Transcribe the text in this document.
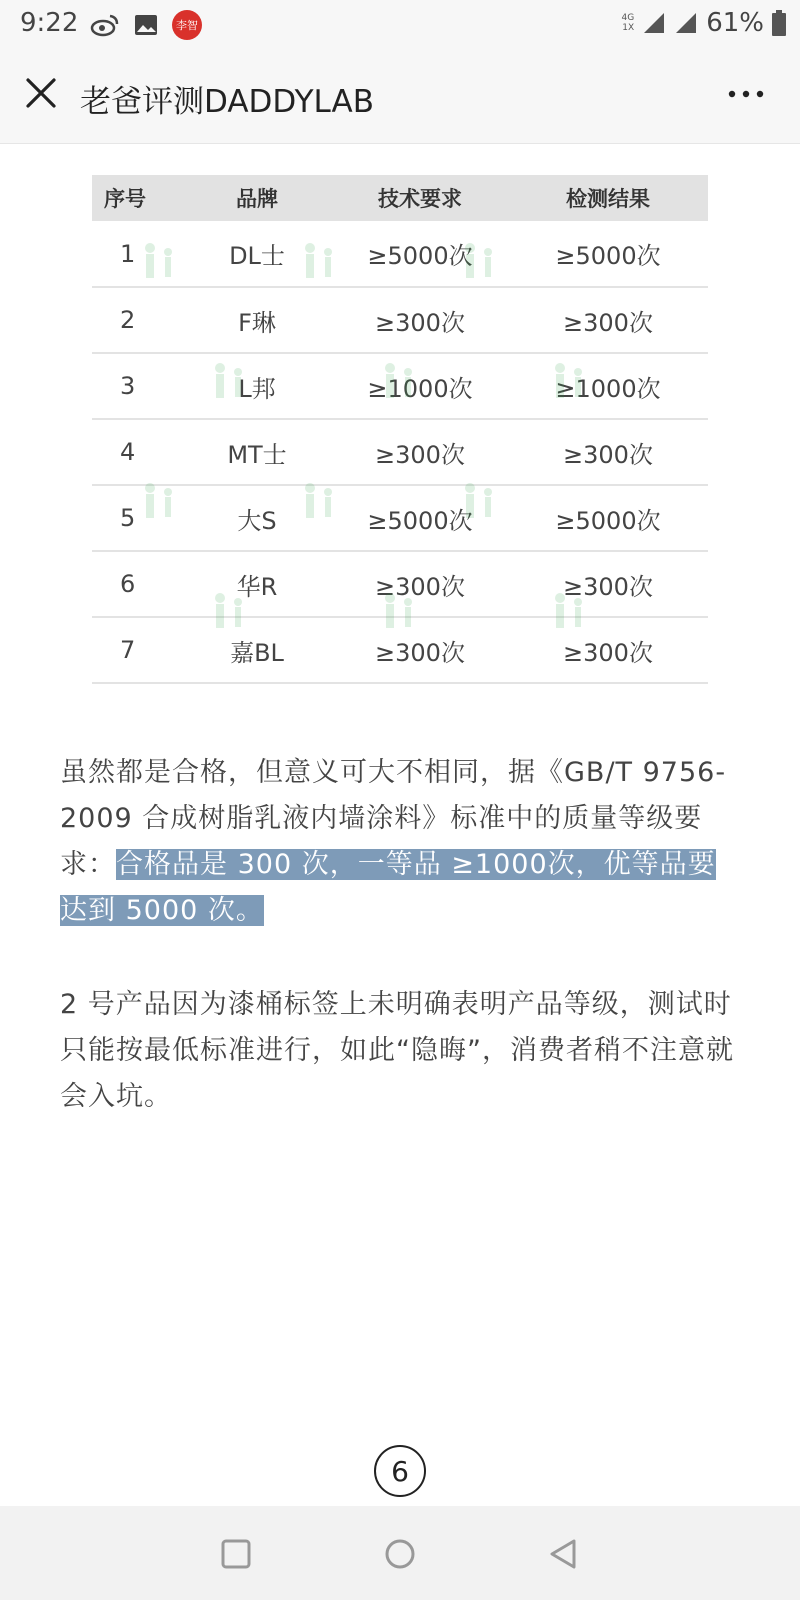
9:22	李智
4G
1X	61%
老爸评测DADDYLAB
序号	品牌	技术要求	检测结果
1	DL士	≥5000次	≥5000次
2	F琳	≥300次	≥300次
3	L邦	≥1000次	≥1000次
4	MT士	≥300次	≥300次
5	大S	≥5000次	≥5000次
6	华R	≥300次	≥300次
7	嘉BL	≥300次	≥300次

虽然都是合格，但意义可大不相同，据《GB/T 9756-2009 合成树脂乳液内墙涂料》标准中的质量等级要求：合格品是 300 次，一等品 ≥1000次，优等品要达到 5000 次。

2 号产品因为漆桶标签上未明确表明产品等级，测试时只能按最低标准进行，如此“隐晦”，消费者稍不注意就会入坑。

6
